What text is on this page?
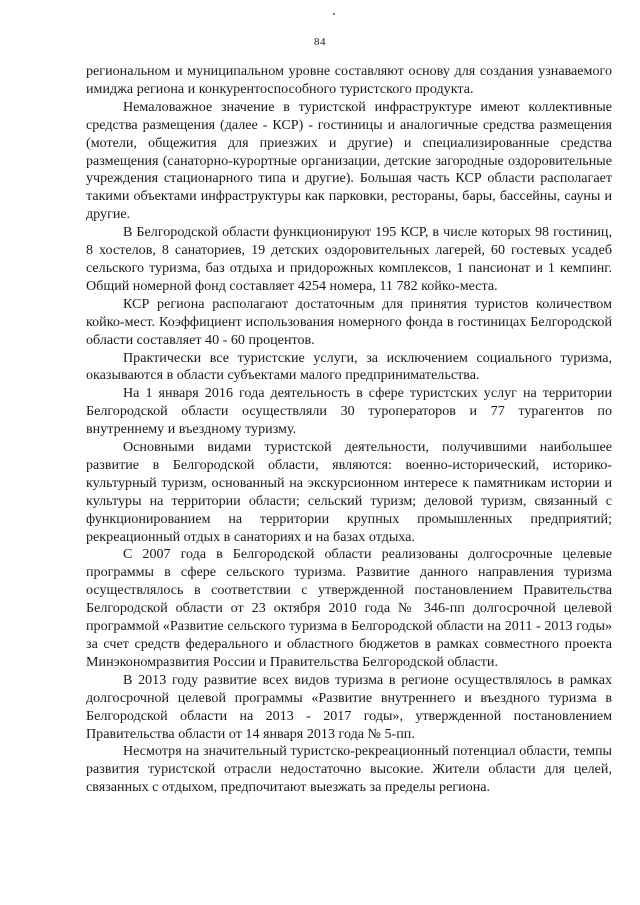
84

региональном и муниципальном уровне составляют основу для создания узнаваемого имиджа региона и конкурентоспособного туристского продукта.

Немаловажное значение в туристской инфраструктуре имеют коллективные средства размещения (далее - КСР) - гостиницы и аналогичные средства размещения (мотели, общежития для приезжих и другие) и специализированные средства размещения (санаторно-курортные организации, детские загородные оздоровительные учреждения стационарного типа и другие). Большая часть КСР области располагает такими объектами инфраструктуры как парковки, рестораны, бары, бассейны, сауны и другие.

В Белгородской области функционируют 195 КСР, в числе которых 98 гостиниц, 8 хостелов, 8 санаториев, 19 детских оздоровительных лагерей, 60 гостевых усадеб сельского туризма, баз отдыха и придорожных комплексов, 1 пансионат и 1 кемпинг. Общий номерной фонд составляет 4254 номера, 11 782 койко-места.

КСР региона располагают достаточным для принятия туристов количеством койко-мест. Коэффициент использования номерного фонда в гостиницах Белгородской области составляет 40 - 60 процентов.

Практически все туристские услуги, за исключением социального туризма, оказываются в области субъектами малого предпринимательства.

На 1 января 2016 года деятельность в сфере туристских услуг на территории Белгородской области осуществляли 30 туроператоров и 77 турагентов по внутреннему и въездному туризму.

Основными видами туристской деятельности, получившими наибольшее развитие в Белгородской области, являются: военно-исторический, историко-культурный туризм, основанный на экскурсионном интересе к памятникам истории и культуры на территории области; сельский туризм; деловой туризм, связанный с функционированием на территории крупных промышленных предприятий; рекреационный отдых в санаториях и на базах отдыха.

С 2007 года в Белгородской области реализованы долгосрочные целевые программы в сфере сельского туризма. Развитие данного направления туризма осуществлялось в соответствии с утвержденной постановлением Правительства Белгородской области от 23 октября 2010 года № 346-пп долгосрочной целевой программой «Развитие сельского туризма в Белгородской области на 2011 - 2013 годы» за счет средств федерального и областного бюджетов в рамках совместного проекта Минэкономразвития России и Правительства Белгородской области.

В 2013 году развитие всех видов туризма в регионе осуществлялось в рамках долгосрочной целевой программы «Развитие внутреннего и въездного туризма в Белгородской области на 2013 - 2017 годы», утвержденной постановлением Правительства области от 14 января 2013 года № 5-пп.

Несмотря на значительный туристско-рекреационный потенциал области, темпы развития туристской отрасли недостаточно высокие. Жители области для целей, связанных с отдыхом, предпочитают выезжать за пределы региона.
